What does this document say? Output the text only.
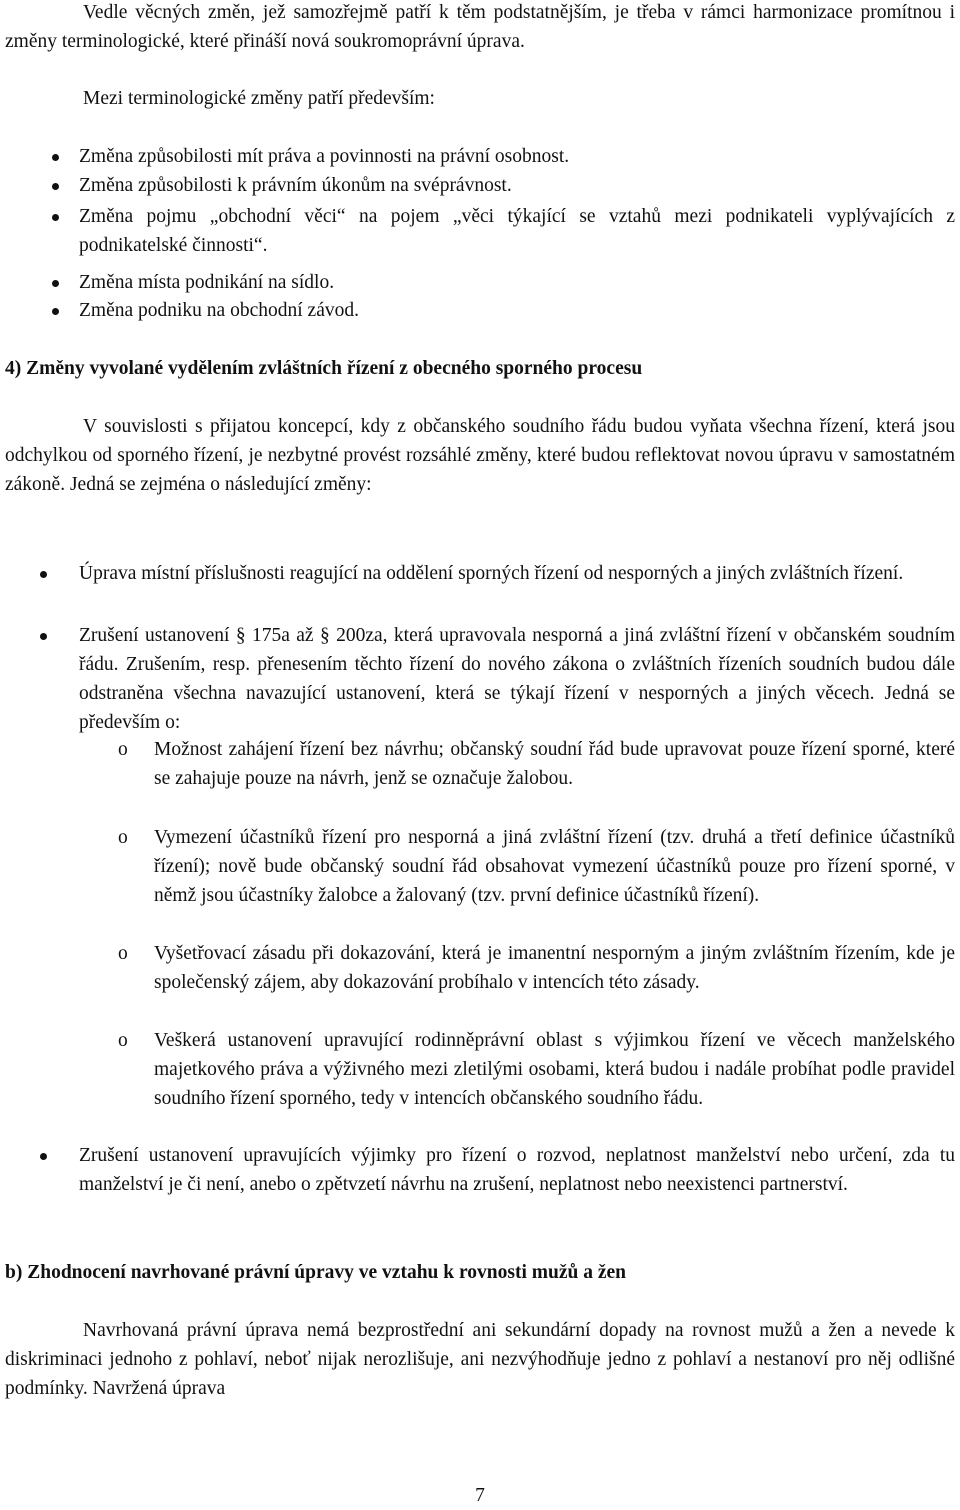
Vedle věcných změn, jež samozřejmě patří k těm podstatnějším, je třeba v rámci harmonizace promítnou i změny terminologické, které přináší nová soukromoprávní úprava.

Mezi terminologické změny patří především:

Změna způsobilosti mít práva a povinnosti na právní osobnost.

Změna způsobilosti k právním úkonům na svéprávnost.

Změna pojmu „obchodní věci“ na pojem „věci týkající se vztahů mezi podnikateli vyplývajících z podnikatelské činnosti“.

Změna místa podnikání na sídlo.

Změna podniku na obchodní závod.

4) Změny vyvolané vydělením zvláštních řízení z obecného sporného procesu

V souvislosti s přijatou koncepcí, kdy z občanského soudního řádu budou vyňata všechna řízení, která jsou odchylkou od sporného řízení, je nezbytné provést rozsáhlé změny, které budou reflektovat novou úpravu v samostatném zákoně. Jedná se zejména o následující změny:

Úprava místní příslušnosti reagující na oddělení sporných řízení od nesporných a jiných zvláštních řízení.

Zrušení ustanovení § 175a až § 200za, která upravovala nesporná a jiná zvláštní řízení v občanském soudním řádu. Zrušením, resp. přenesením těchto řízení do nového zákona o zvláštních řízeních soudních budou dále odstraněna všechna navazující ustanovení, která se týkají řízení v nesporných a jiných věcech. Jedná se především o:

o Možnost zahájení řízení bez návrhu; občanský soudní řád bude upravovat pouze řízení sporné, které se zahajuje pouze na návrh, jenž se označuje žalobou.

o Vymezení účastníků řízení pro nesporná a jiná zvláštní řízení (tzv. druhá a třetí definice účastníků řízení); nově bude občanský soudní řád obsahovat vymezení účastníků pouze pro řízení sporné, v němž jsou účastníky žalobce a žalovaný (tzv. první definice účastníků řízení).

o Vyšetřovací zásadu při dokazování, která je imanentní nesporným a jiným zvláštním řízením, kde je společenský zájem, aby dokazování probíhalo v intencích této zásady.

o Veškerá ustanovení upravující rodinněprávní oblast s výjimkou řízení ve věcech manželského majetkového práva a výživného mezi zletilými osobami, která budou i nadále probíhat podle pravidel soudního řízení sporného, tedy v intencích občanského soudního řádu.

Zrušení ustanovení upravujících výjimky pro řízení o rozvod, neplatnost manželství nebo určení, zda tu manželství je či není, anebo o zpětvzetí návrhu na zrušení, neplatnost nebo neexistenci partnerství.

b) Zhodnocení navrhované právní úpravy ve vztahu k rovnosti mužů a žen

Navrhovaná právní úprava nemá bezprostřední ani sekundární dopady na rovnost mužů a žen a nevede k diskriminaci jednoho z pohlaví, neboť nijak nerozlišuje, ani nezvýhodňuje jedno z pohlaví a nestanoví pro něj odlišné podmínky. Navržená úprava

7
